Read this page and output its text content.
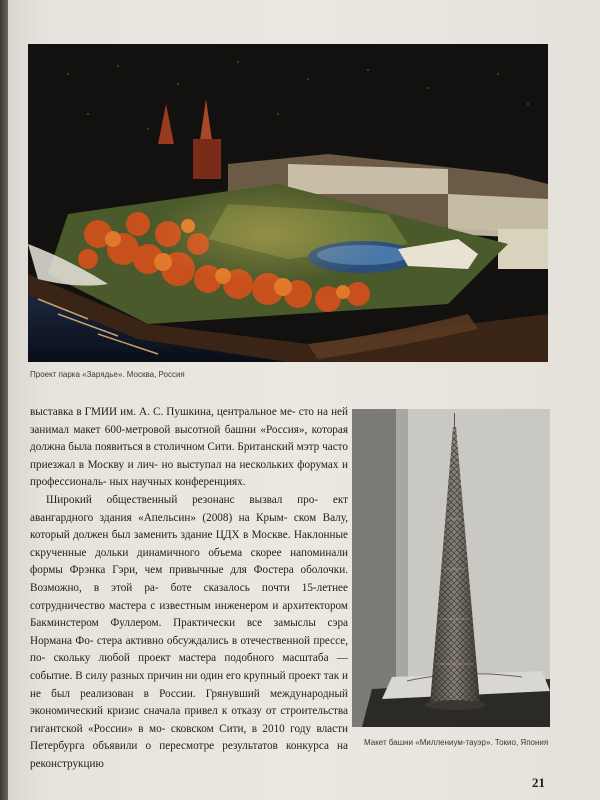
Проект парка «Зарядье». Москва, Россия

выставка в ГМИИ им. А. С. Пушкина, центральное ме- сто на ней занимал макет 600-метровой высотной башни «Россия», которая должна была появиться в столичном Сити. Британский мэтр часто приезжал в Москву и лич- но выступал на нескольких форумах и профессиональ- ных научных конференциях.

Широкий общественный резонанс вызвал про- ект авангардного здания «Апельсин» (2008) на Крым- ском Валу, который должен был заменить здание ЦДХ в Москве. Наклонные скрученные дольки динамичного объема скорее напоминали формы Фрэнка Гэри, чем привычные для Фостера оболочки. Возможно, в этой ра- боте сказалось почти 15-летнее сотрудничество мастера с известным инженером и архитектором Бакминстером Фуллером. Практически все замыслы сэра Нормана Фо- стера активно обсуждались в отечественной прессе, по- скольку любой проект мастера подобного масштаба — событие. В силу разных причин ни один его крупный проект так и не был реализован в России. Грянувший международный экономический кризис сначала привел к отказу от строительства гигантской «России» в мо- сковском Сити, в 2010 году власти Петербурга объявили о пересмотре результатов конкурса на реконструкцию

Макет башни «Миллениум-тауэр». Токио, Япония
21
